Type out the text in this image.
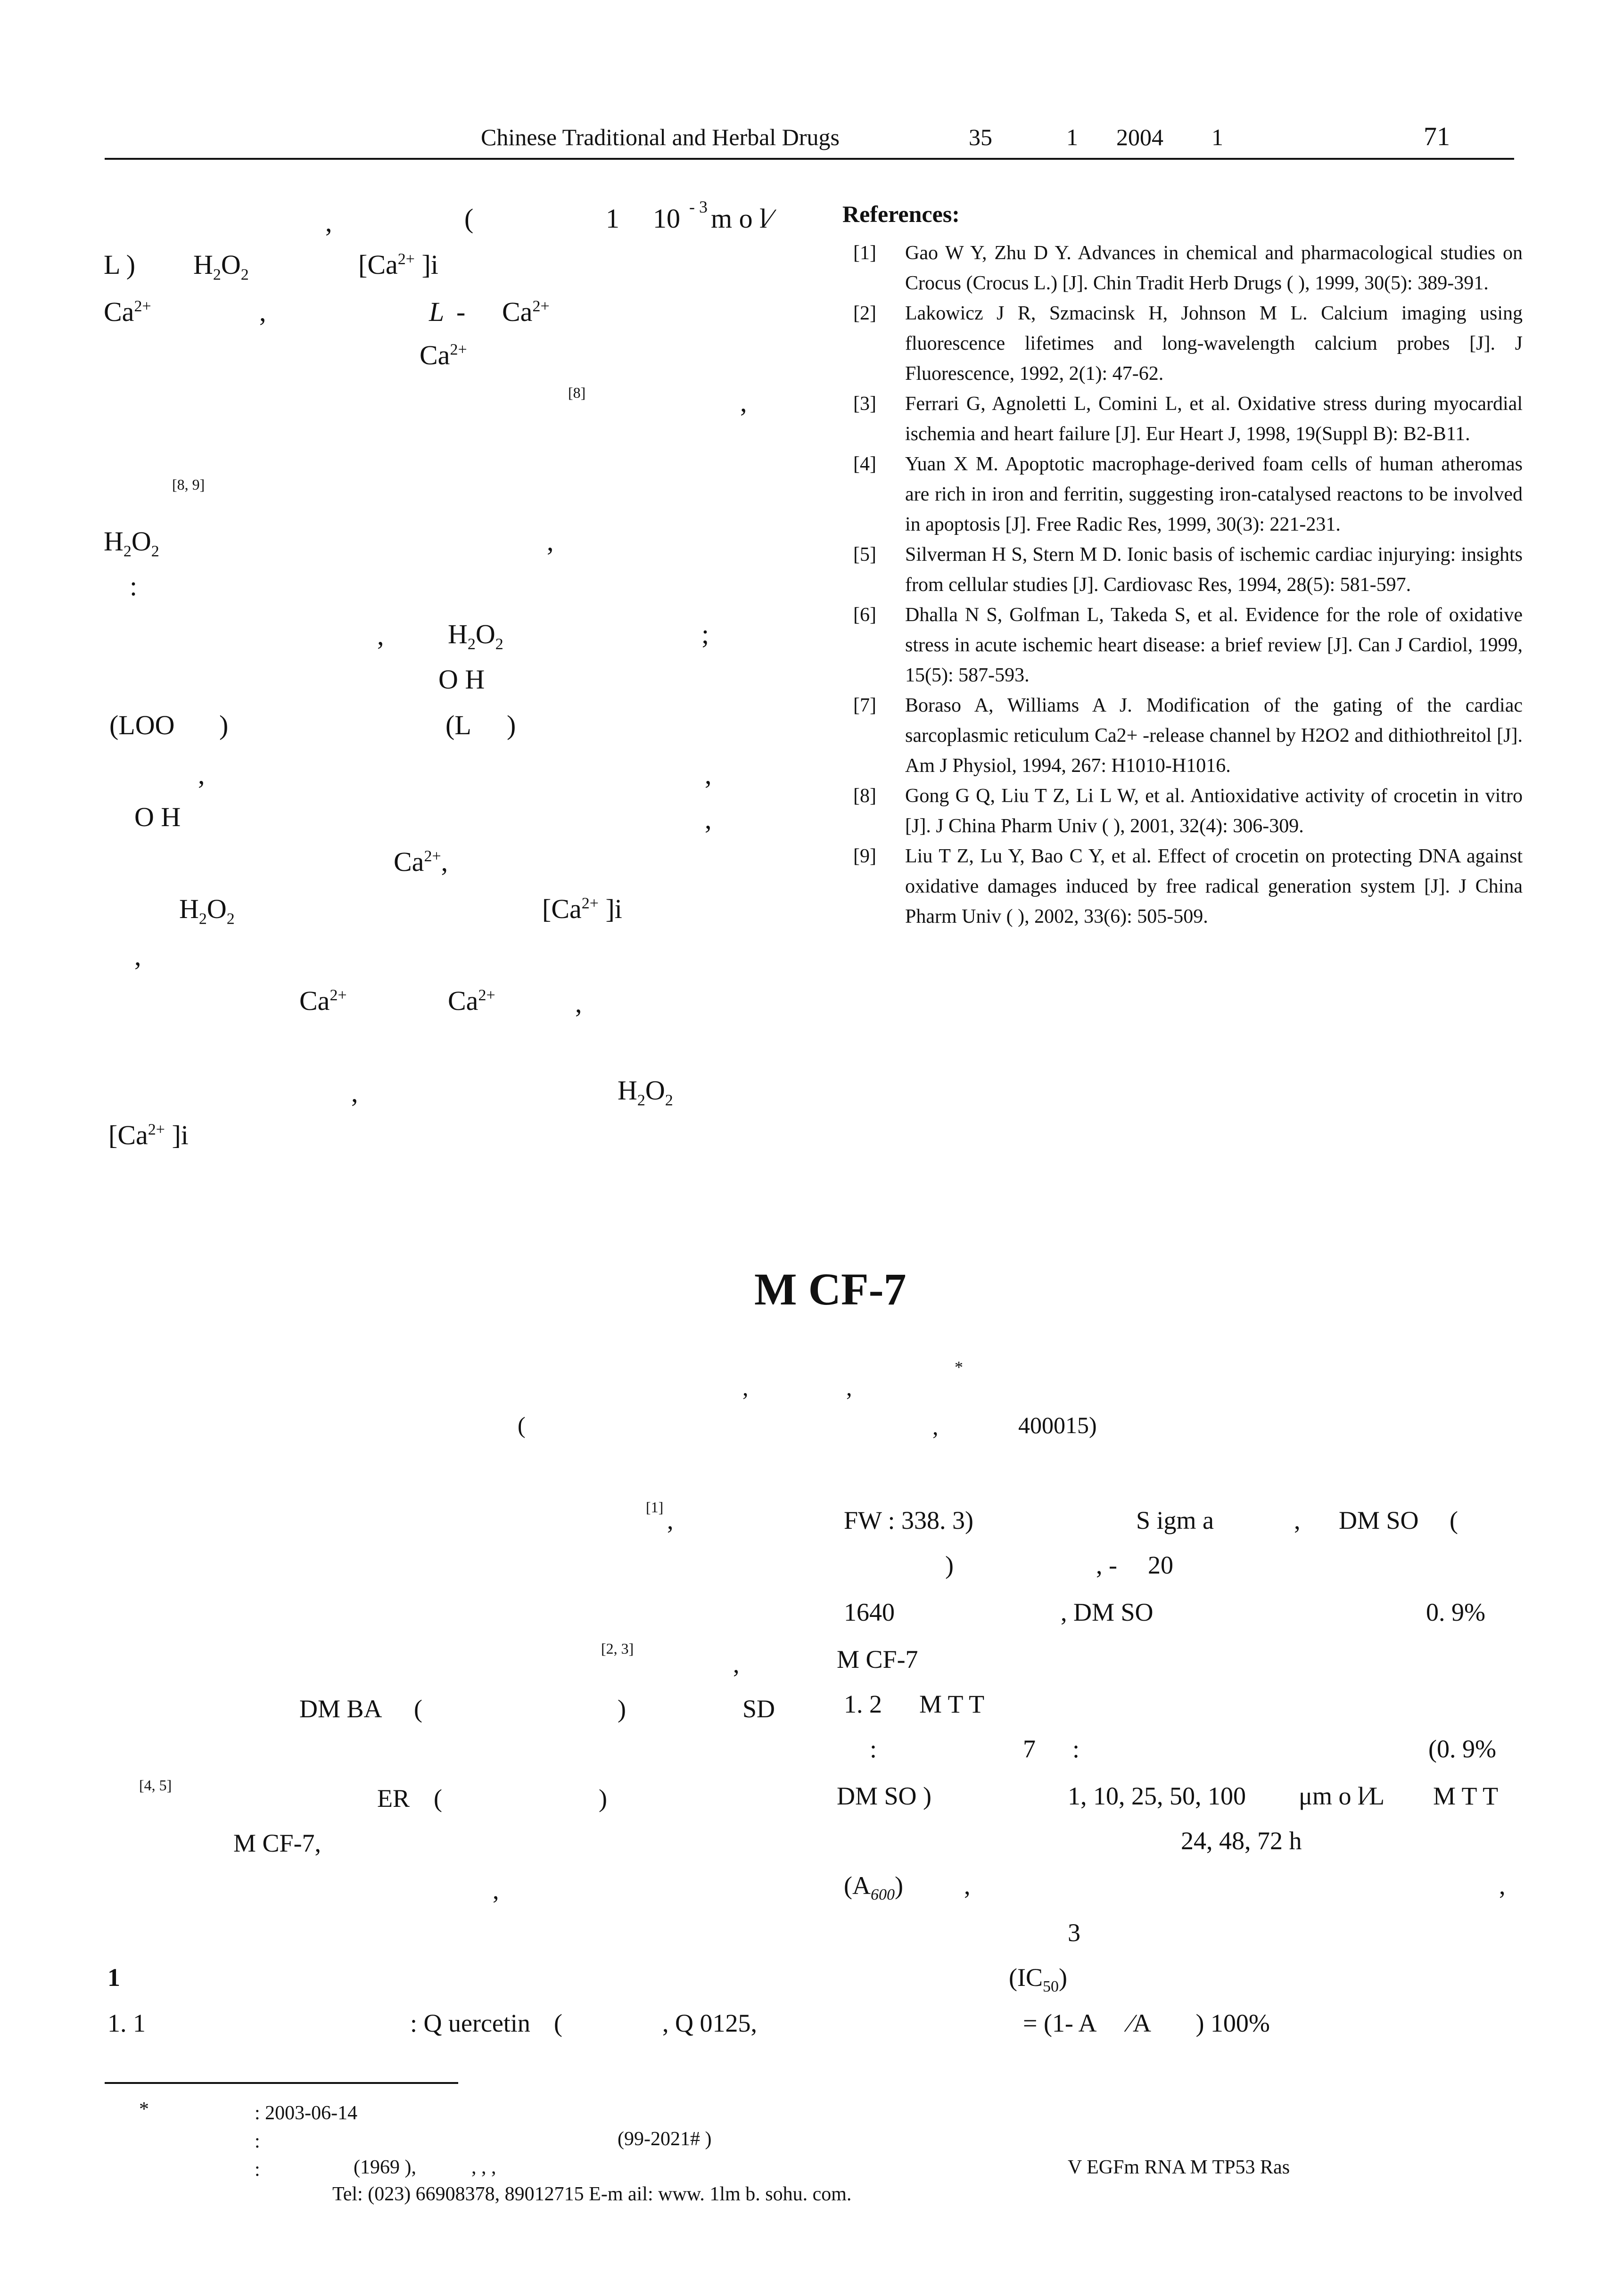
Chinese Traditional and Herbal Drugs	35	1 2004 1	71
,	(	1 10 - 3 m o l⁄
L ) $H_2O_2$	[$Ca^{2+}$ ]i
$Ca^{2+}$	,	L - $Ca^{2+}$
$Ca^{2+}$
[8]	,
[8, 9]
$H_2O_2$	,
:
, $H_2O_2$	;
O H
(LOO )	(L )
,	,
O H	,
$Ca^{2+}$,
$H_2O_2$	[$Ca^{2+}$ ]i
,
$Ca^{2+}$	$Ca^{2+}$	,
,	$H_2O_2$
[$Ca^{2+}$ ]i
References:
[1] Gao W Y, Zhu D Y. Advances in chemical and pharmacological studies on Crocus (Crocus L.) [J]. Chin Tradit Herb Drugs ( ), 1999, 30(5): 389-391.
[2] Lakowicz J R, Szmacinsk H, Johnson M L. Calcium imaging using fluorescence lifetimes and long-wavelength calcium probes [J]. J Fluorescence, 1992, 2(1): 47-62.
[3] Ferrari G, Agnoletti L, Comini L, et al. Oxidative stress during myocardial ischemia and heart failure [J]. Eur Heart J, 1998, 19(Suppl B): B2-B11.
[4] Yuan X M. Apoptotic macrophage-derived foam cells of human atheromas are rich in iron and ferritin, suggesting iron-catalysed reactons to be involved in apoptosis [J]. Free Radic Res, 1999, 30(3): 221-231.
[5] Silverman H S, Stern M D. Ionic basis of ischemic cardiac injurying: insights from cellular studies [J]. Cardiovasc Res, 1994, 28(5): 581-597.
[6] Dhalla N S, Golfman L, Takeda S, et al. Evidence for the role of oxidative stress in acute ischemic heart disease: a brief review [J]. Can J Cardiol, 1999, 15(5): 587-593.
[7] Boraso A, Williams A J. Modification of the gating of the cardiac sarcoplasmic reticulum Ca2+ -release channel by H2O2 and dithiothreitol [J]. Am J Physiol, 1994, 267: H1010-H1016.
[8] Gong G Q, Liu T Z, Li L W, et al. Antioxidative activity of crocetin in vitro [J]. J China Pharm Univ ( ), 2001, 32(4): 306-309.
[9] Liu T Z, Lu Y, Bao C Y, et al. Effect of crocetin on protecting DNA against oxidative damages induced by free radical generation system [J]. J China Pharm Univ ( ), 2002, 33(6): 505-509.
M CF-7
*
,	,
(	,	400015)
[1] ,
[2, 3]
,
DM BA (	)	SD
[4, 5]	ER (	)
M CF-7,
,
1
1. 1	: Q uercetin (	, Q 0125,
FW : 338. 3)	S igm a	, DM SO (
)	, - 20
1640	, DM SO	0. 9%
M CF-7
1. 2 M T T
:	7 :	(0. 9%
DM SO )	1, 10, 25, 50, 100 μm o l⁄L M T T
24, 48, 72 h
$(A_{600})$ ,	,
3
$(IC_{50})$
= (1- A ⁄A ) 100%
*	: 2003-06-14
:	(99-2021# )
:	(1969 ),	, , ,	V EGFm RNA M TP53 Ras
Tel: (023) 66908378, 89012715 E-m ail: www. 1lm b. sohu. com.
